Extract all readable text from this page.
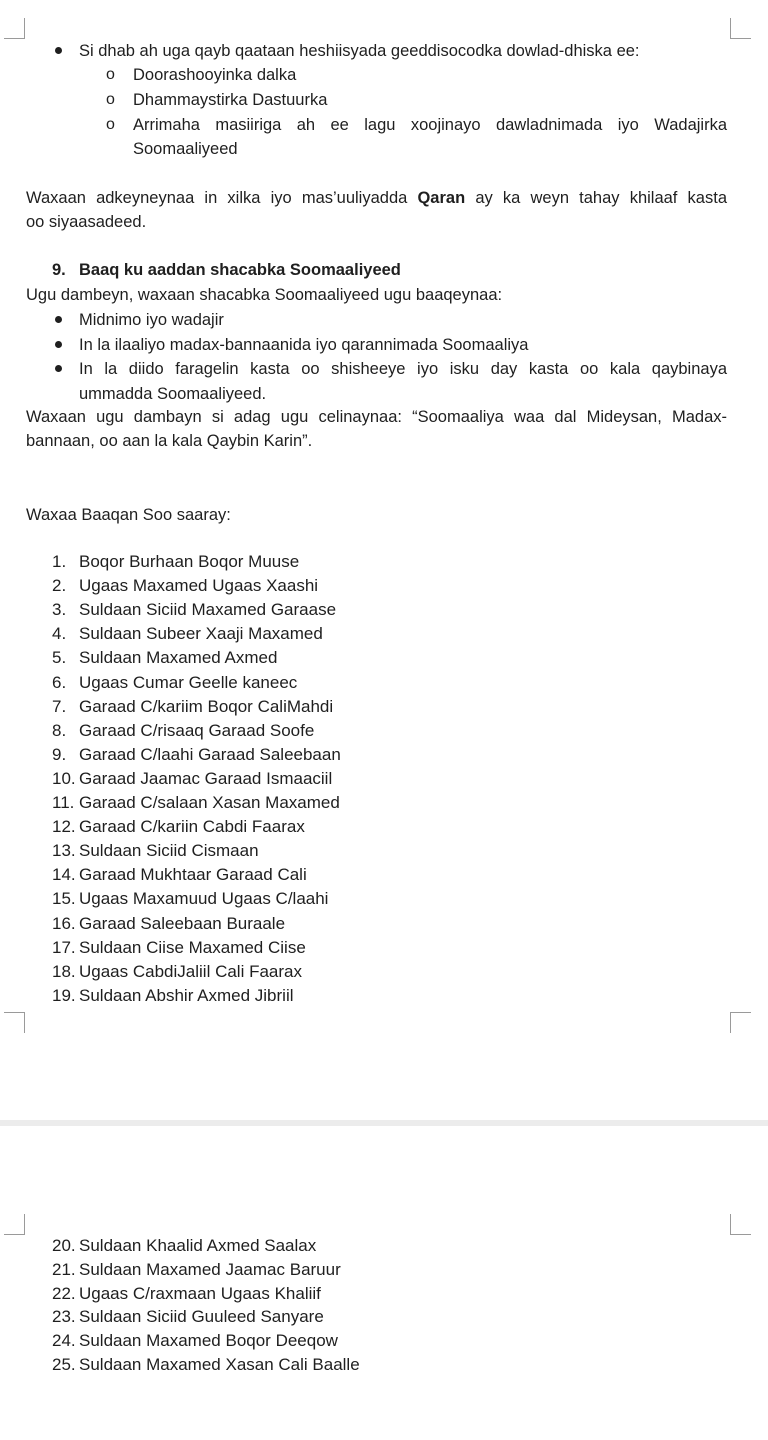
Si dhab ah uga qayb qaataan heshiisyada geeddisocodka dowlad-dhiska ee:
o Doorashooyinka dalka
o Dhammaystirka Dastuurka
o Arrimaha masiiriga ah ee lagu xoojinayo dawladnimada iyo Wadajirka
Soomaaliyeed
Waxaan adkeyneynaa in xilka iyo mas’uuliyadda Qaran ay ka weyn tahay khilaaf kasta
oo siyaasadeed.
9. Baaq ku aaddan shacabka Soomaaliyeed
Ugu dambeyn, waxaan shacabka Soomaaliyeed ugu baaqeynaa:
Midnimo iyo wadajir
In la ilaaliyo madax-bannaanida iyo qarannimada Soomaaliya
In la diido faragelin kasta oo shisheeye iyo isku day kasta oo kala qaybinaya
ummadda Soomaaliyeed.
Waxaan ugu dambayn si adag ugu celinaynaa: “Soomaaliya waa dal Mideysan, Madax-
bannaan, oo aan la kala Qaybin Karin”.
Waxaa Baaqan Soo saaray:
1. Boqor Burhaan Boqor Muuse
2. Ugaas Maxamed Ugaas Xaashi
3. Suldaan Siciid Maxamed Garaase
4. Suldaan Subeer Xaaji Maxamed
5. Suldaan Maxamed Axmed
6. Ugaas Cumar Geelle kaneec
7. Garaad C/kariim Boqor CaliMahdi
8. Garaad C/risaaq Garaad Soofe
9. Garaad C/laahi Garaad Saleebaan
10. Garaad Jaamac Garaad Ismaaciil
11. Garaad C/salaan Xasan Maxamed
12. Garaad C/kariin Cabdi Faarax
13. Suldaan Siciid Cismaan
14. Garaad Mukhtaar Garaad Cali
15. Ugaas Maxamuud Ugaas C/laahi
16. Garaad Saleebaan Buraale
17. Suldaan Ciise Maxamed Ciise
18. Ugaas CabdiJaliil Cali Faarax
19. Suldaan Abshir Axmed Jibriil
20. Suldaan Khaalid Axmed Saalax
21. Suldaan Maxamed Jaamac Baruur
22. Ugaas C/raxmaan Ugaas Khaliif
23. Suldaan Siciid Guuleed Sanyare
24. Suldaan Maxamed Boqor Deeqow
25. Suldaan Maxamed Xasan Cali Baalle
